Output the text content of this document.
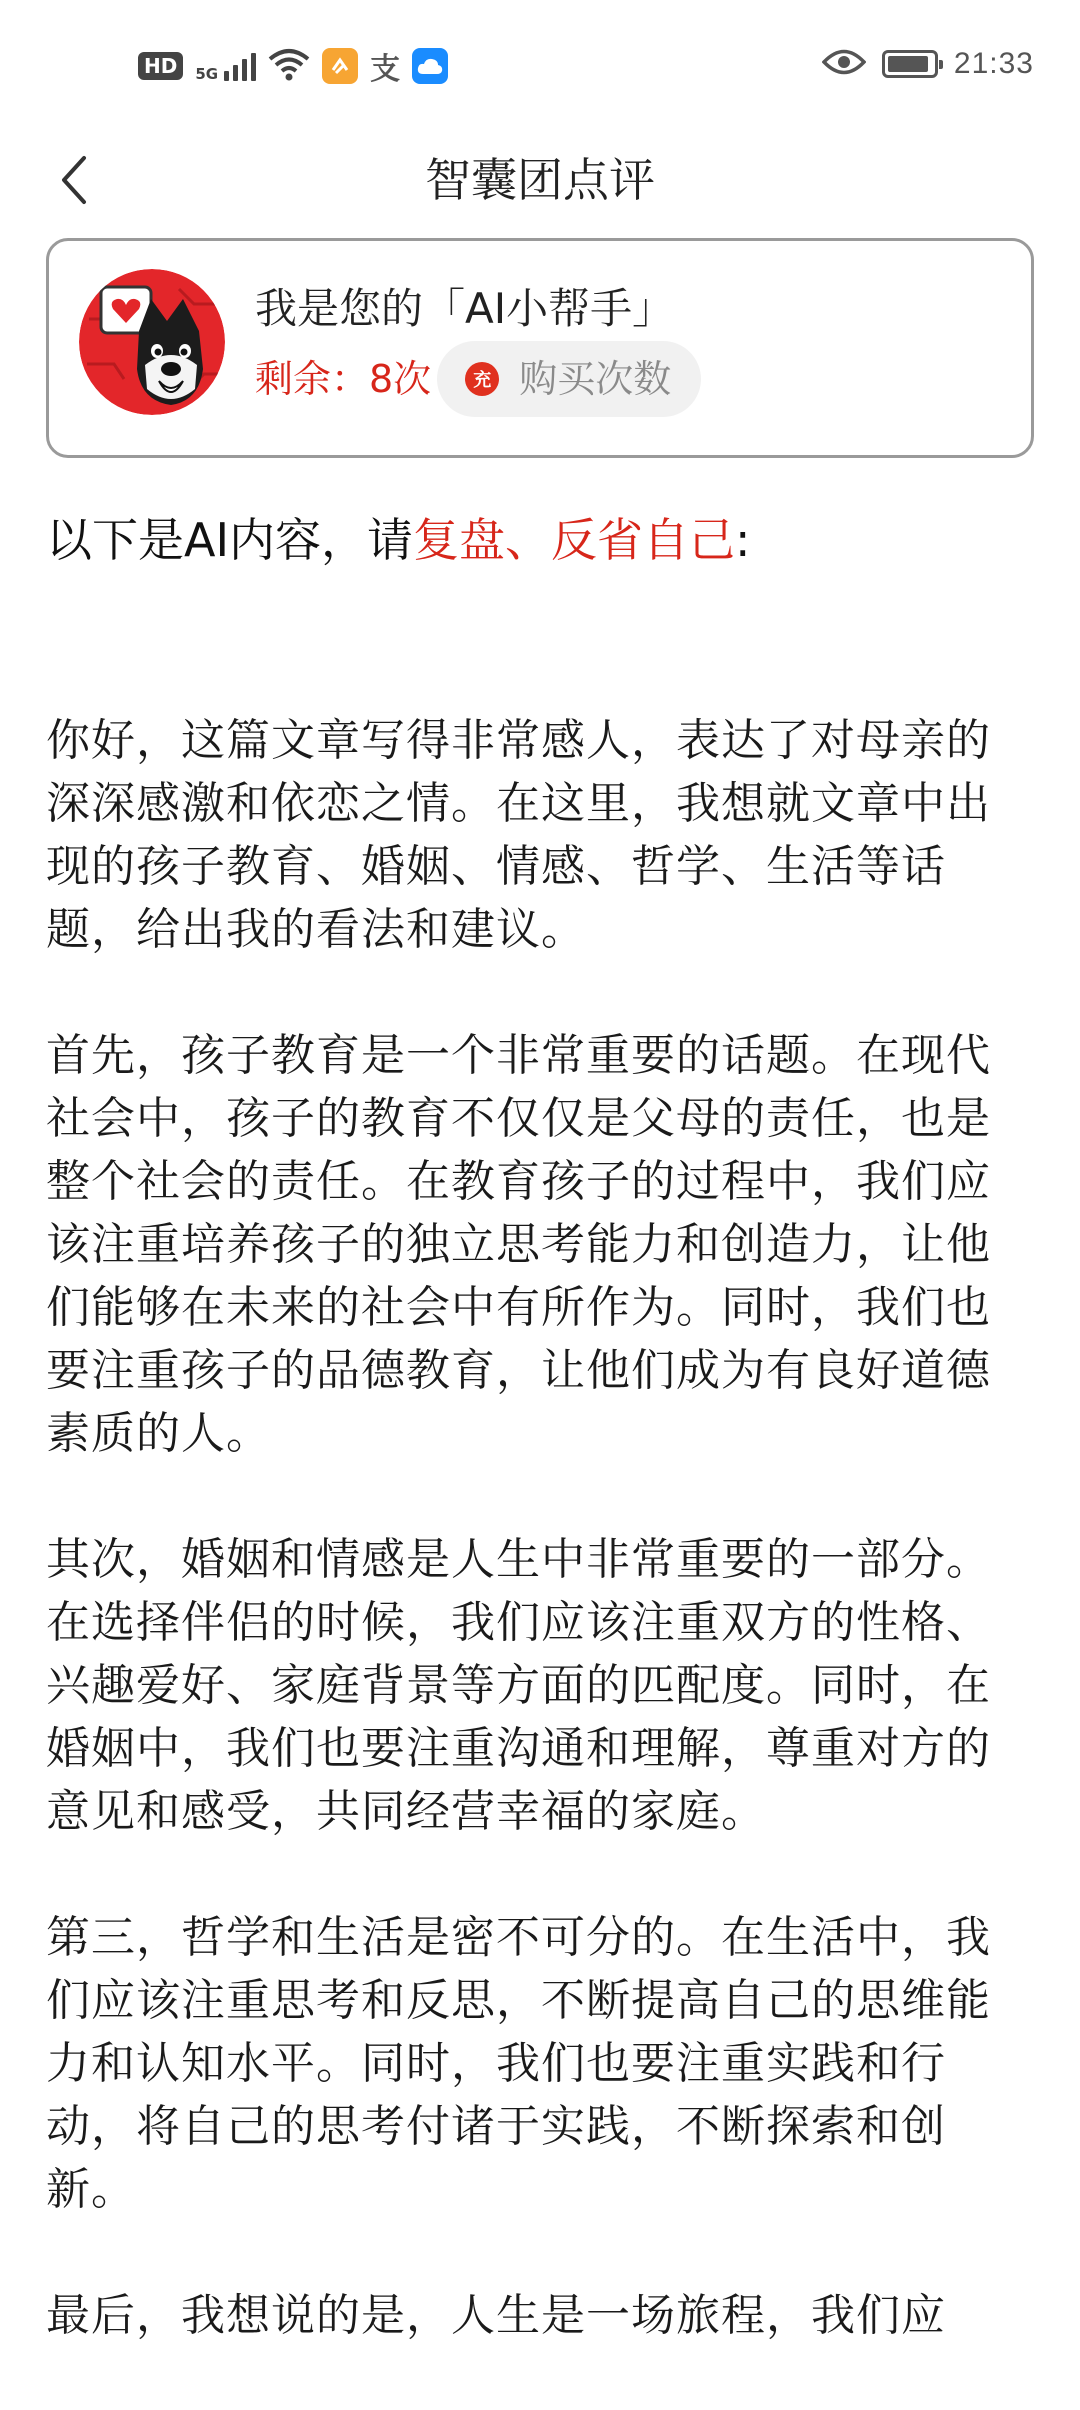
HD	5G	支	21:33
智囊团点评
我是您的「AI小帮手」
剩余：8次	充 购买次数
以下是AI内容，请复盘、反省自己:

你好，这篇文章写得非常感人，表达了对母亲的深深感激和依恋之情。在这里，我想就文章中出现的孩子教育、婚姻、情感、哲学、生活等话题，给出我的看法和建议。

首先，孩子教育是一个非常重要的话题。在现代社会中，孩子的教育不仅仅是父母的责任，也是整个社会的责任。在教育孩子的过程中，我们应该注重培养孩子的独立思考能力和创造力，让他们能够在未来的社会中有所作为。同时，我们也要注重孩子的品德教育，让他们成为有良好道德素质的人。

其次，婚姻和情感是人生中非常重要的一部分。在选择伴侣的时候，我们应该注重双方的性格、兴趣爱好、家庭背景等方面的匹配度。同时，在婚姻中，我们也要注重沟通和理解，尊重对方的意见和感受，共同经营幸福的家庭。

第三，哲学和生活是密不可分的。在生活中，我们应该注重思考和反思，不断提高自己的思维能力和认知水平。同时，我们也要注重实践和行动，将自己的思考付诸于实践，不断探索和创新。

最后，我想说的是，人生是一场旅程，我们应
